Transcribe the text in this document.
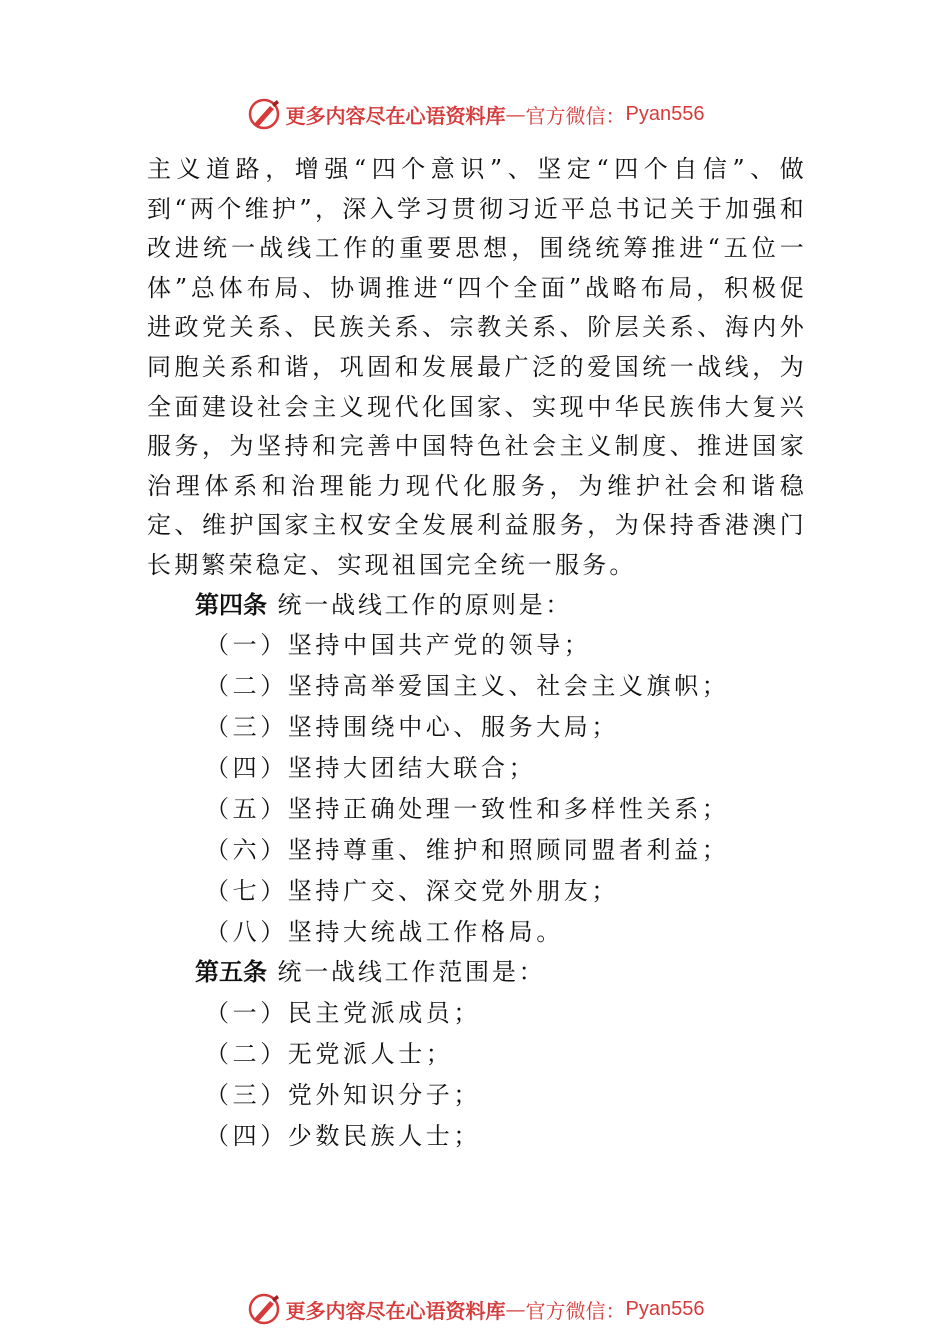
更多内容尽在心语资料库 — 官方微信： Pyan556

主义道路，增强“四个意识”、坚定“四个自信”、做到“两个维护”，深入学习贯彻习近平总书记关于加强和改进统一战线工作的重要思想，围绕统筹推进“五位一体”总体布局、协调推进“四个全面”战略布局，积极促进政党关系、民族关系、宗教关系、阶层关系、海内外同胞关系和谐，巩固和发展最广泛的爱国统一战线，为全面建设社会主义现代化国家、实现中华民族伟大复兴服务，为坚持和完善中国特色社会主义制度、推进国家治理体系和治理能力现代化服务，为维护社会和谐稳定、维护国家主权安全发展利益服务，为保持香港澳门长期繁荣稳定、实现祖国完全统一服务。

第四条 统一战线工作的原则是：

（一）坚持中国共产党的领导；
（二）坚持高举爱国主义、社会主义旗帜；
（三）坚持围绕中心、服务大局；
（四）坚持大团结大联合；
（五）坚持正确处理一致性和多样性关系；
（六）坚持尊重、维护和照顾同盟者利益；
（七）坚持广交、深交党外朋友；
（八）坚持大统战工作格局。

第五条 统一战线工作范围是：

（一）民主党派成员；
（二）无党派人士；
（三）党外知识分子；
（四）少数民族人士；
更多内容尽在心语资料库 — 官方微信： Pyan556
